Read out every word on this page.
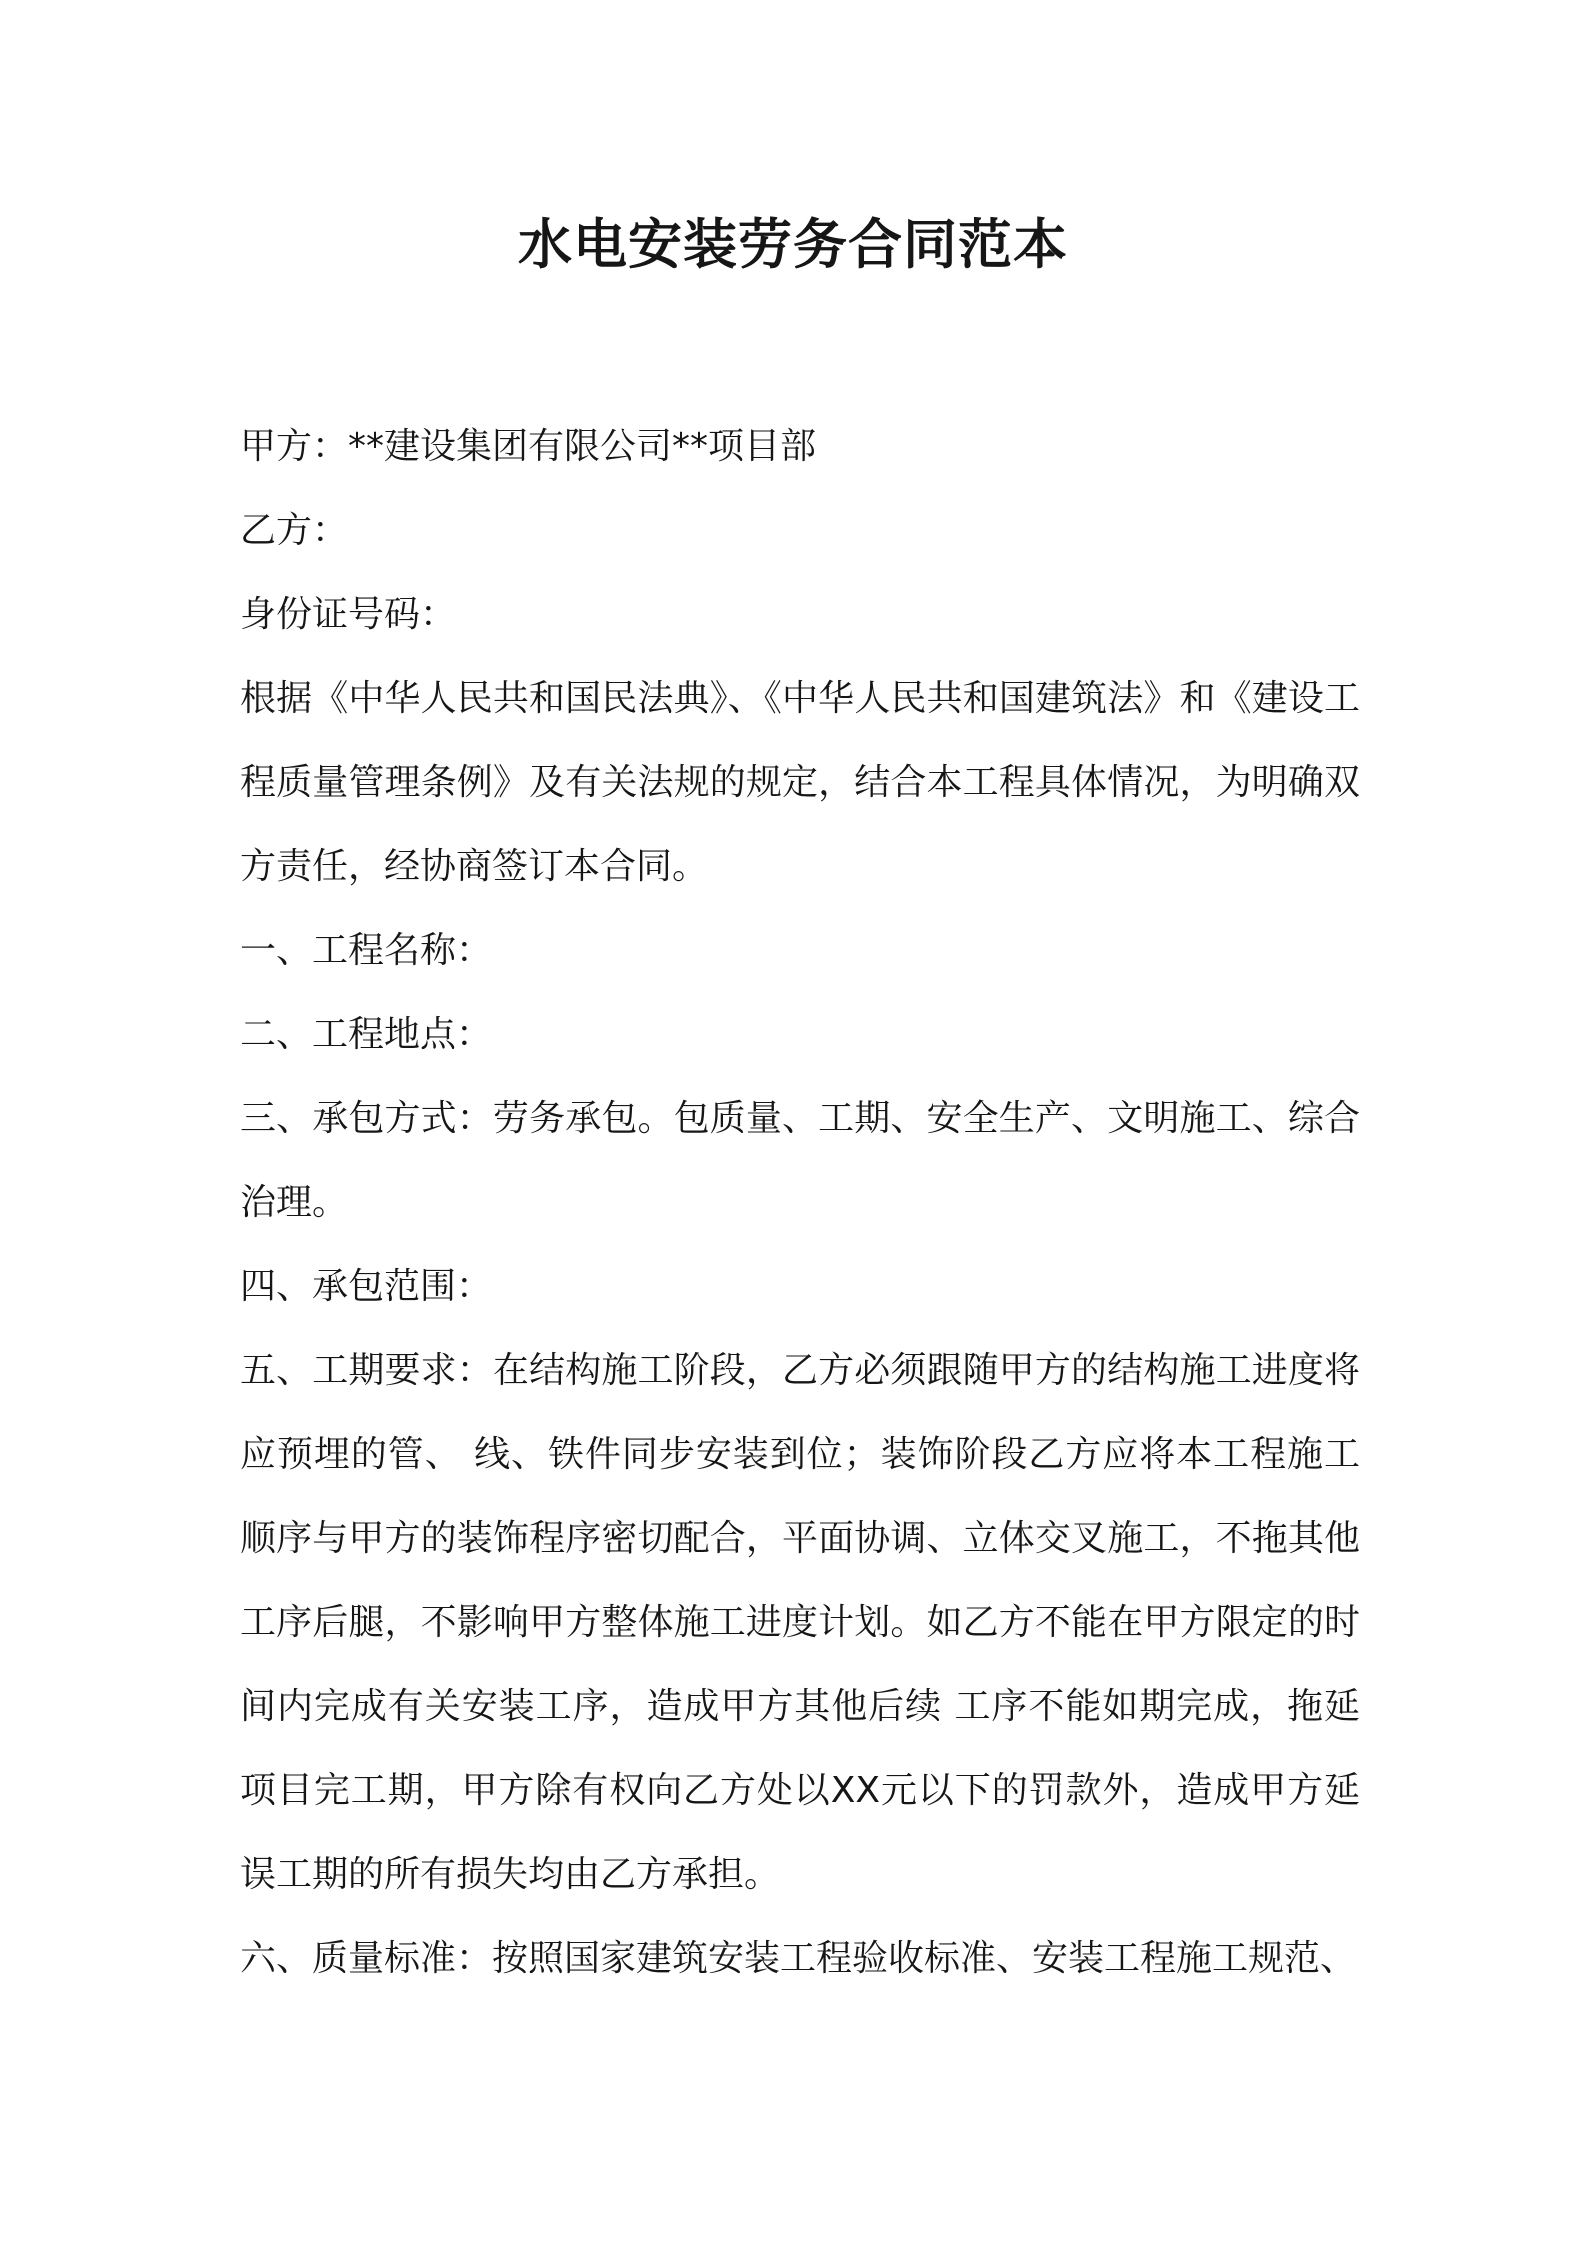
水电安装劳务合同范本

甲方：**建设集团有限公司**项目部

乙方：

身份证号码：

根据《中华人民共和国民法典》、《中华人民共和国建筑法》和《建设工程质量管理条例》及有关法规的规定，结合本工程具体情况，为明确双方责任，经协商签订本合同。

一、工程名称：

二、工程地点：

三、承包方式：劳务承包。包质量、工期、安全生产、文明施工、综合治理。

四、承包范围：

五、工期要求：在结构施工阶段，乙方必须跟随甲方的结构施工进度将应预埋的管、 线、铁件同步安装到位；装饰阶段乙方应将本工程施工顺序与甲方的装饰程序密切配合，平面协调、立体交叉施工，不拖其他工序后腿，不影响甲方整体施工进度计划。如乙方不能在甲方限定的时间内完成有关安装工序，造成甲方其他后续 工序不能如期完成，拖延项目完工期，甲方除有权向乙方处以XX元以下的罚款外，造成甲方延误工期的所有损失均由乙方承担。

六、质量标准：按照国家建筑安装工程验收标准、安装工程施工规范、
